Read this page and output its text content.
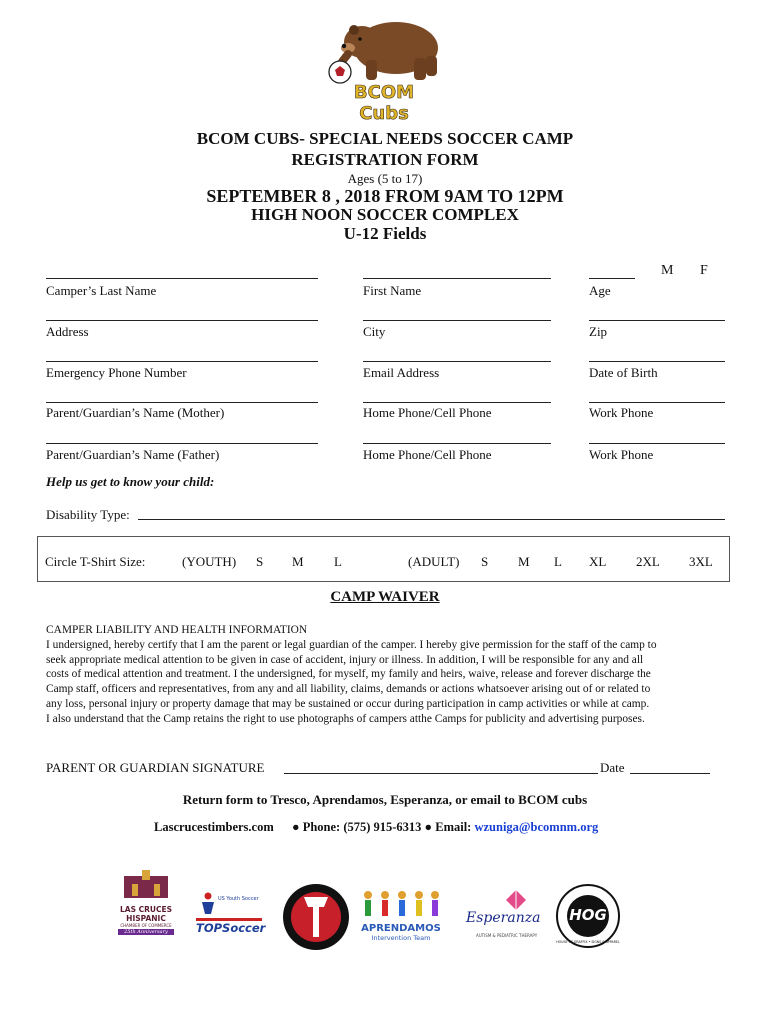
BCOM Cubs
BCOM CUBS- SPECIAL NEEDS SOCCER CAMP
REGISTRATION FORM
Ages (5 to 17)
SEPTEMBER 8 , 2018 FROM 9AM TO 12PM
HIGH NOON SOCCER COMPLEX
U-12 Fields
M F
Camper’s Last Name	First Name	Age
Address	City	Zip
Emergency Phone Number	Email Address	Date of Birth
Parent/Guardian’s Name (Mother)	Home Phone/Cell Phone	Work Phone
Parent/Guardian’s Name (Father)	Home Phone/Cell Phone	Work Phone
Help us get to know your child:
Disability Type:
Circle T-Shirt Size:	(YOUTH) S M L	(ADULT) S M L XL 2XL 3XL
CAMP WAIVER

CAMPER LIABILITY AND HEALTH INFORMATION

I undersigned, hereby certify that I am the parent or legal guardian of the camper. I hereby give permission for the staff of the camp to

seek appropriate medical attention to be given in case of accident, injury or illness. In addition, I will be responsible for any and all

costs of medical attention and treatment. I the undersigned, for myself, my family and heirs, waive, release and forever discharge the

Camp staff, officers and representatives, from any and all liability, claims, demands or actions whatsoever arising out of or related to

any loss, personal injury or property damage that may be sustained or occur during participation in camp activities or while at camp.

I also understand that the Camp retains the right to use photographs of campers atthe Camps for publicity and advertising purposes.

PARENT OR GUARDIAN SIGNATURE	Date
Return form to Tresco, Aprendamos, Esperanza, or email to BCOM cubs
Lascrucestimbers.com ● Phone: (575) 915-6313 ● Email: wzuniga@bcomnm.org
LAS CRUCES
HISPANIC
CHAMBER OF COMMERCE
25th Anniversary
US Youth Soccer
TOPSoccer	APRENDAMOS
Intervention Team
Esperanza
AUTISM & PEDIATRIC THERAPY
HOG
HOUSE OF GRAFFIX • SIGNS & APPAREL
